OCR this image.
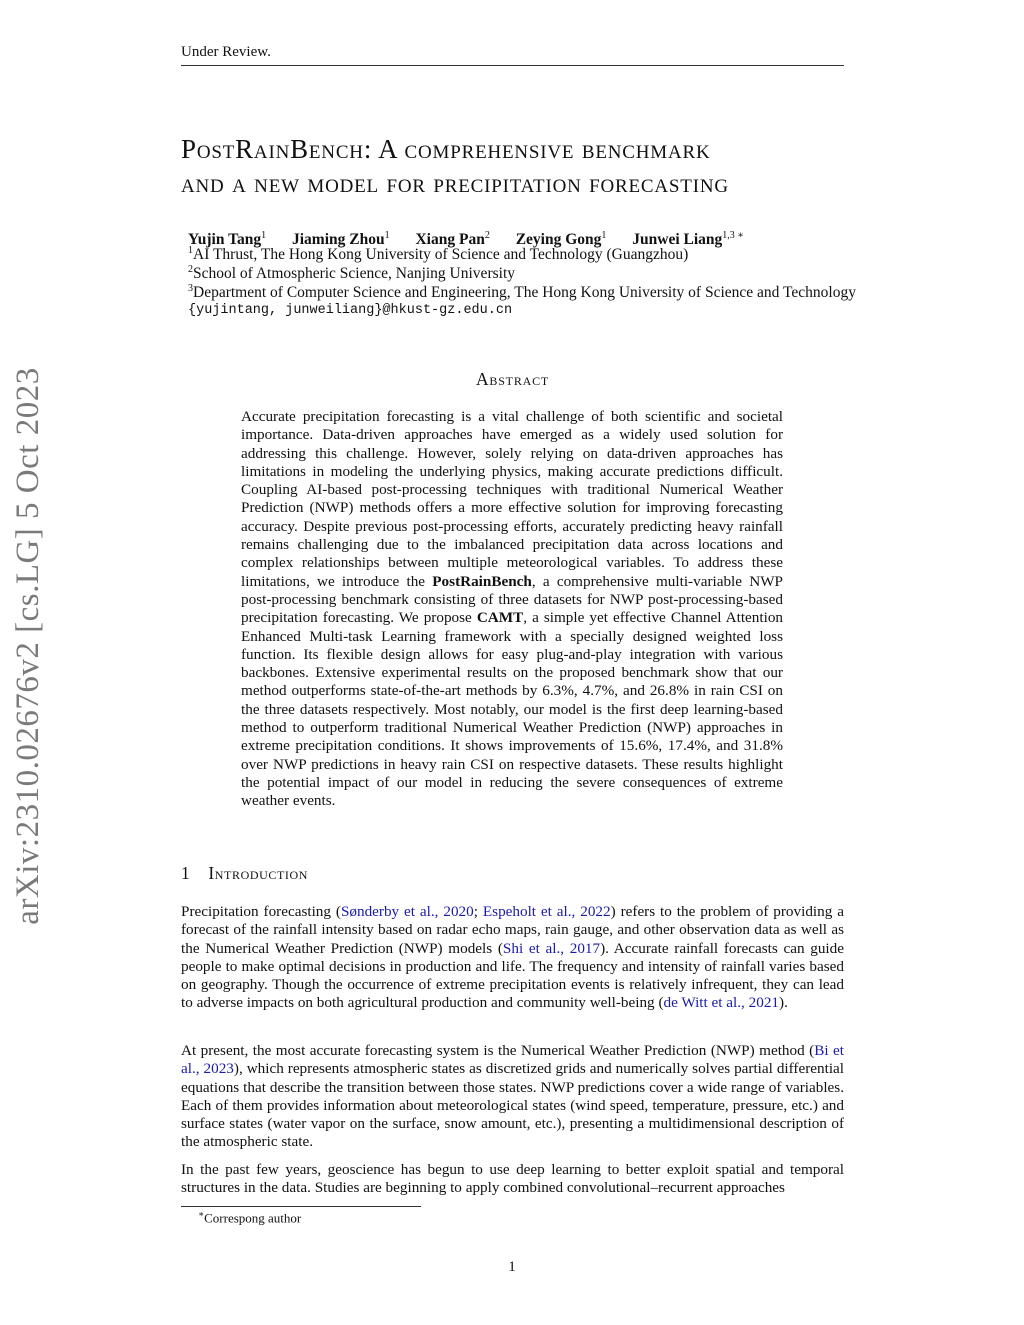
Under Review.
arXiv:2310.02676v2 [cs.LG] 5 Oct 2023
PostRainBench: A comprehensive benchmark
and a new model for precipitation forecasting
Yujin Tang$^1$ Jiaming Zhou$^1$ Xiang Pan$^2$ Zeying Gong$^1$ Junwei Liang$^{1,3 ∗}$
$^1$AI Thrust, The Hong Kong University of Science and Technology (Guangzhou)
$^2$School of Atmospheric Science, Nanjing University
$^3$Department of Computer Science and Engineering, The Hong Kong University of Science and Technology
{yujintang, junweiliang}@hkust-gz.edu.cn
Abstract
Accurate precipitation forecasting is a vital challenge of both scientific and societal importance. Data-driven approaches have emerged as a widely used solution for addressing this challenge. However, solely relying on data-driven approaches has limitations in modeling the underlying physics, making accurate predictions difficult. Coupling AI-based post-processing techniques with traditional Numerical Weather Prediction (NWP) methods offers a more effective solution for improving forecasting accuracy. Despite previous post-processing efforts, accurately predicting heavy rainfall remains challenging due to the imbalanced precipitation data across locations and complex relationships between multiple meteorological variables. To address these limitations, we introduce the PostRainBench, a comprehensive multi-variable NWP post-processing benchmark consisting of three datasets for NWP post-processing-based precipitation forecasting. We propose CAMT, a simple yet effective Channel Attention Enhanced Multi-task Learning framework with a specially designed weighted loss function. Its flexible design allows for easy plug-and-play integration with various backbones. Extensive experimental results on the proposed benchmark show that our method outperforms state-of-the-art methods by 6.3%, 4.7%, and 26.8% in rain CSI on the three datasets respectively. Most notably, our model is the first deep learning-based method to outperform traditional Numerical Weather Prediction (NWP) approaches in extreme precipitation conditions. It shows improvements of 15.6%, 17.4%, and 31.8% over NWP predictions in heavy rain CSI on respective datasets. These results highlight the potential impact of our model in reducing the severe consequences of extreme weather events.
1 Introduction

Precipitation forecasting (Sønderby et al., 2020; Espeholt et al., 2022) refers to the problem of providing a forecast of the rainfall intensity based on radar echo maps, rain gauge, and other observation data as well as the Numerical Weather Prediction (NWP) models (Shi et al., 2017). Accurate rainfall forecasts can guide people to make optimal decisions in production and life. The frequency and intensity of rainfall varies based on geography. Though the occurrence of extreme precipitation events is relatively infrequent, they can lead to adverse impacts on both agricultural production and community well-being (de Witt et al., 2021).

At present, the most accurate forecasting system is the Numerical Weather Prediction (NWP) method (Bi et al., 2023), which represents atmospheric states as discretized grids and numerically solves partial differential equations that describe the transition between those states. NWP predictions cover a wide range of variables. Each of them provides information about meteorological states (wind speed, temperature, pressure, etc.) and surface states (water vapor on the surface, snow amount, etc.), presenting a multidimensional description of the atmospheric state.

In the past few years, geoscience has begun to use deep learning to better exploit spatial and temporal structures in the data. Studies are beginning to apply combined convolutional–recurrent approaches

∗Correspong author
1
